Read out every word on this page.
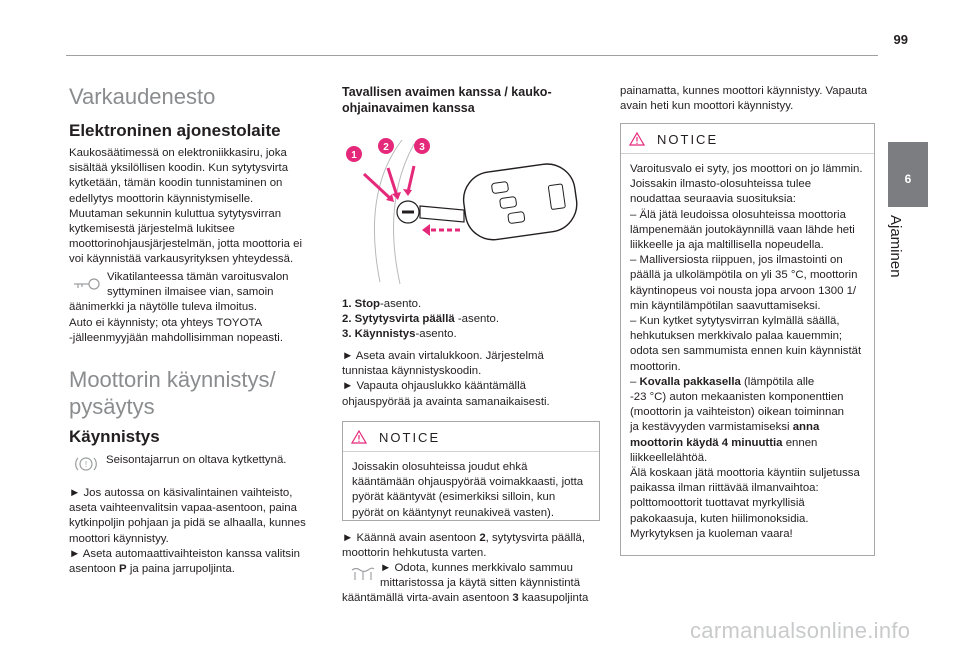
99
6
Ajaminen
Varkaudenesto
Elektroninen ajonestolaite
Kaukosäätimessä on elektroniikkasiru, joka
sisältää yksilöllisen koodin. Kun sytytysvirta
kytketään, tämän koodin tunnistaminen on
edellytys moottorin käynnistymiselle.
Muutaman sekunnin kuluttua sytytysvirran
kytkemisestä järjestelmä lukitsee
moottorinohjausjärjestelmän, jotta moottoria ei
voi käynnistää varkausyrityksen yhteydessä.
Vikatilanteessa tämän varoitusvalon
syttyminen ilmaisee vian, samoin
äänimerkki ja näytölle tuleva ilmoitus.
Auto ei käynnisty; ota yhteys TOYOTA
-jälleenmyyjään mahdollisimman nopeasti.
Moottorin käynnistys/
pysäytys
Käynnistys
! Seisontajarrun on oltava kytkettynä.
► Jos autossa on käsivalintainen vaihteisto,
aseta vaihteenvalitsin vapaa-asentoon, paina
kytkinpoljin pohjaan ja pidä se alhaalla, kunnes
moottori käynnistyy.
► Aseta automaattivaihteiston kanssa valitsin
asentoon P ja paina jarrupoljinta.
Tavallisen avaimen kanssa / kauko-
ohjainavaimen kanssa
1
2	3
1. Stop-asento.
2. Sytytysvirta päällä -asento.
3. Käynnistys-asento.
► Aseta avain virtalukkoon. Järjestelmä
tunnistaa käynnistyskoodin.
► Vapauta ohjauslukko kääntämällä
ohjauspyörää ja avainta samanaikaisesti.
NOTICE
Joissakin olosuhteissa joudut ehkä
kääntämään ohjauspyörää voimakkaasti, jotta
pyörät kääntyvät (esimerkiksi silloin, kun
pyörät on kääntynyt reunakiveä vasten).
► Käännä avain asentoon 2, sytytysvirta päällä,
moottorin hehkutusta varten.
► Odota, kunnes merkkivalo sammuu
mittaristossa ja käytä sitten käynnistintä
kääntämällä virta-avain asentoon 3 kaasupoljinta
painamatta, kunnes moottori käynnistyy. Vapauta
avain heti kun moottori käynnistyy.
NOTICE
Varoitusvalo ei syty, jos moottori on jo lämmin.
Joissakin ilmasto-olosuhteissa tulee
noudattaa seuraavia suosituksia:
– Älä jätä leudoissa olosuhteissa moottoria
lämpenemään joutokäynnillä vaan lähde heti
liikkeelle ja aja maltillisella nopeudella.
– Malliversiosta riippuen, jos ilmastointi on
päällä ja ulkolämpötila on yli 35 °C, moottorin
käyntinopeus voi nousta jopa arvoon 1300 1/
min käyntilämpötilan saavuttamiseksi.
– Kun kytket sytytysvirran kylmällä säällä,
hehkutuksen merkkivalo palaa kauemmin;
odota sen sammumista ennen kuin käynnistät
moottorin.
– Kovalla pakkasella (lämpötila alle
-23 °C) auton mekaanisten komponenttien
(moottorin ja vaihteiston) oikean toiminnan
ja kestävyyden varmistamiseksi anna
moottorin käydä 4 minuuttia ennen
liikkeellelähtöä.
Älä koskaan jätä moottoria käyntiin suljetussa
paikassa ilman riittävää ilmanvaihtoa:
polttomoottorit tuottavat myrkyllisiä
pakokaasuja, kuten hiilimonoksidia.
Myrkytyksen ja kuoleman vaara!
carmanualsonline.info
